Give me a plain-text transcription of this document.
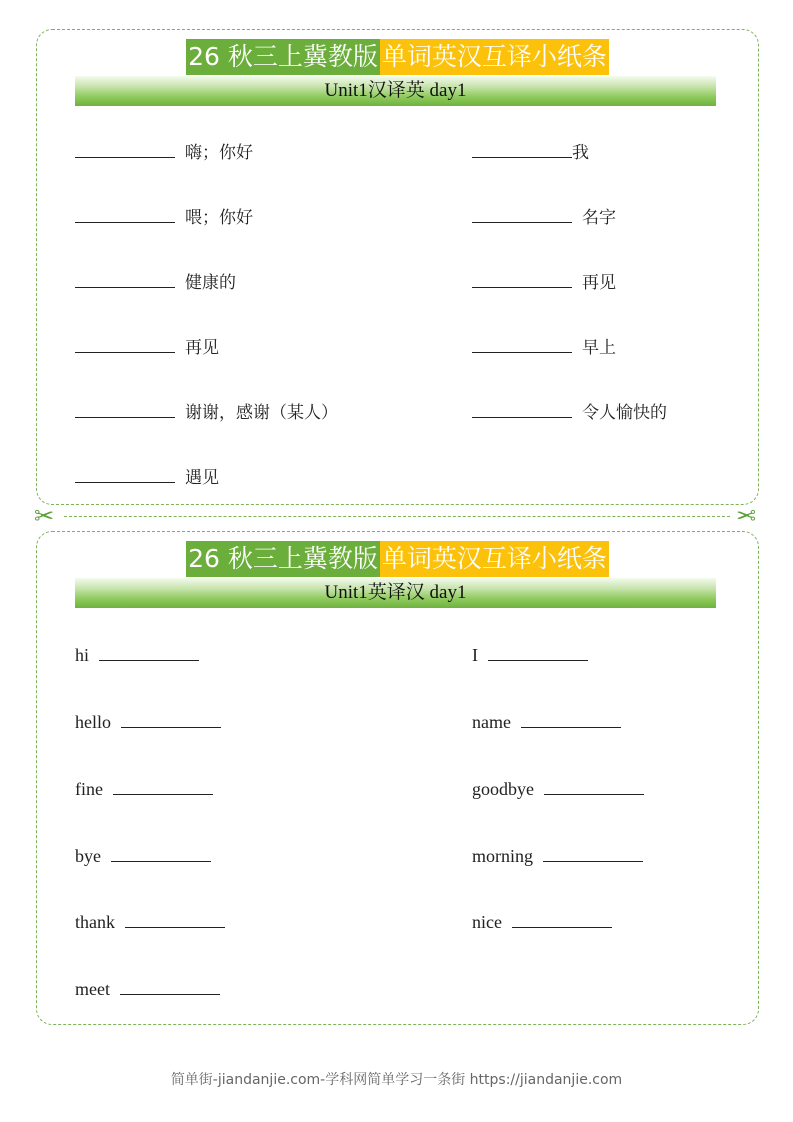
26 秋三上冀教版 单词英汉互译小纸条
Unit1汉译英 day1
嗨；你好
喂；你好
健康的
再见
谢谢，感谢（某人）
遇见
我
名字
再见
早上
令人愉快的
✂	✂
26 秋三上冀教版 单词英汉互译小纸条
Unit1英译汉 day1
hi
hello
fine
bye
thank
meet
I
name
goodbye
morning
nice
简单街-jiandanjie.com-学科网简单学习一条街 https://jiandanjie.com
